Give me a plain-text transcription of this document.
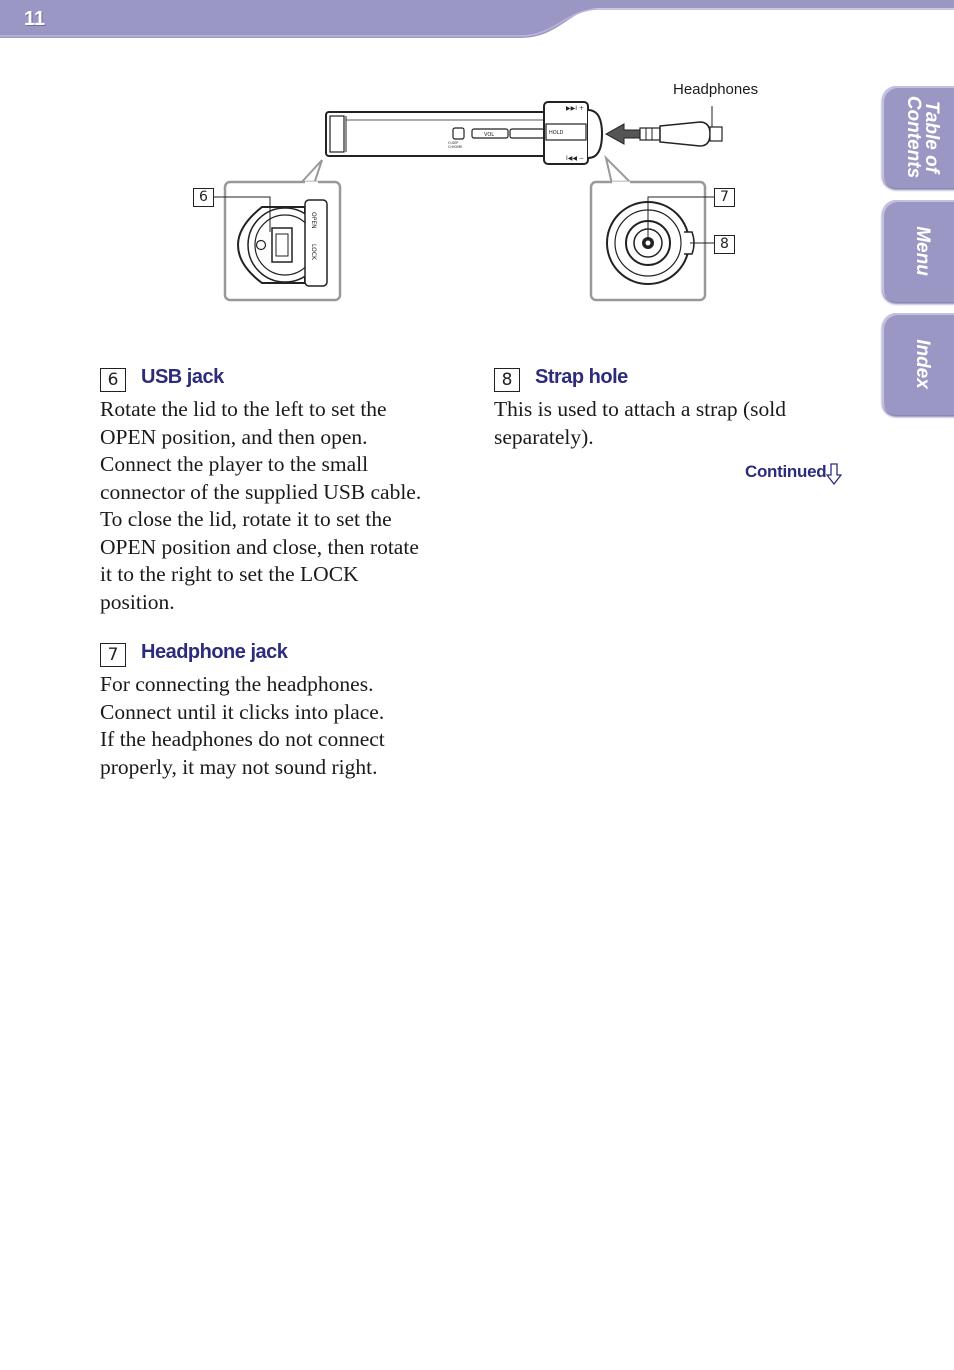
11
Table of
Contents
Menu
Index
VOL
O:SEP
O:HOME
HOLD
▶▶I +
I◀◀ −
OPEN
LOCK
Headphones
6	7
8
6	USB jack

Rotate the lid to the left to set the

OPEN position, and then open.

Connect the player to the small

connector of the supplied USB cable.

To close the lid, rotate it to set the

OPEN position and close, then rotate

it to the right to set the LOCK

position.

7	Headphone jack

For connecting the headphones.

Connect until it clicks into place.

If the headphones do not connect

properly, it may not sound right.

8	Strap hole

This is used to attach a strap (sold

separately).

Continued
